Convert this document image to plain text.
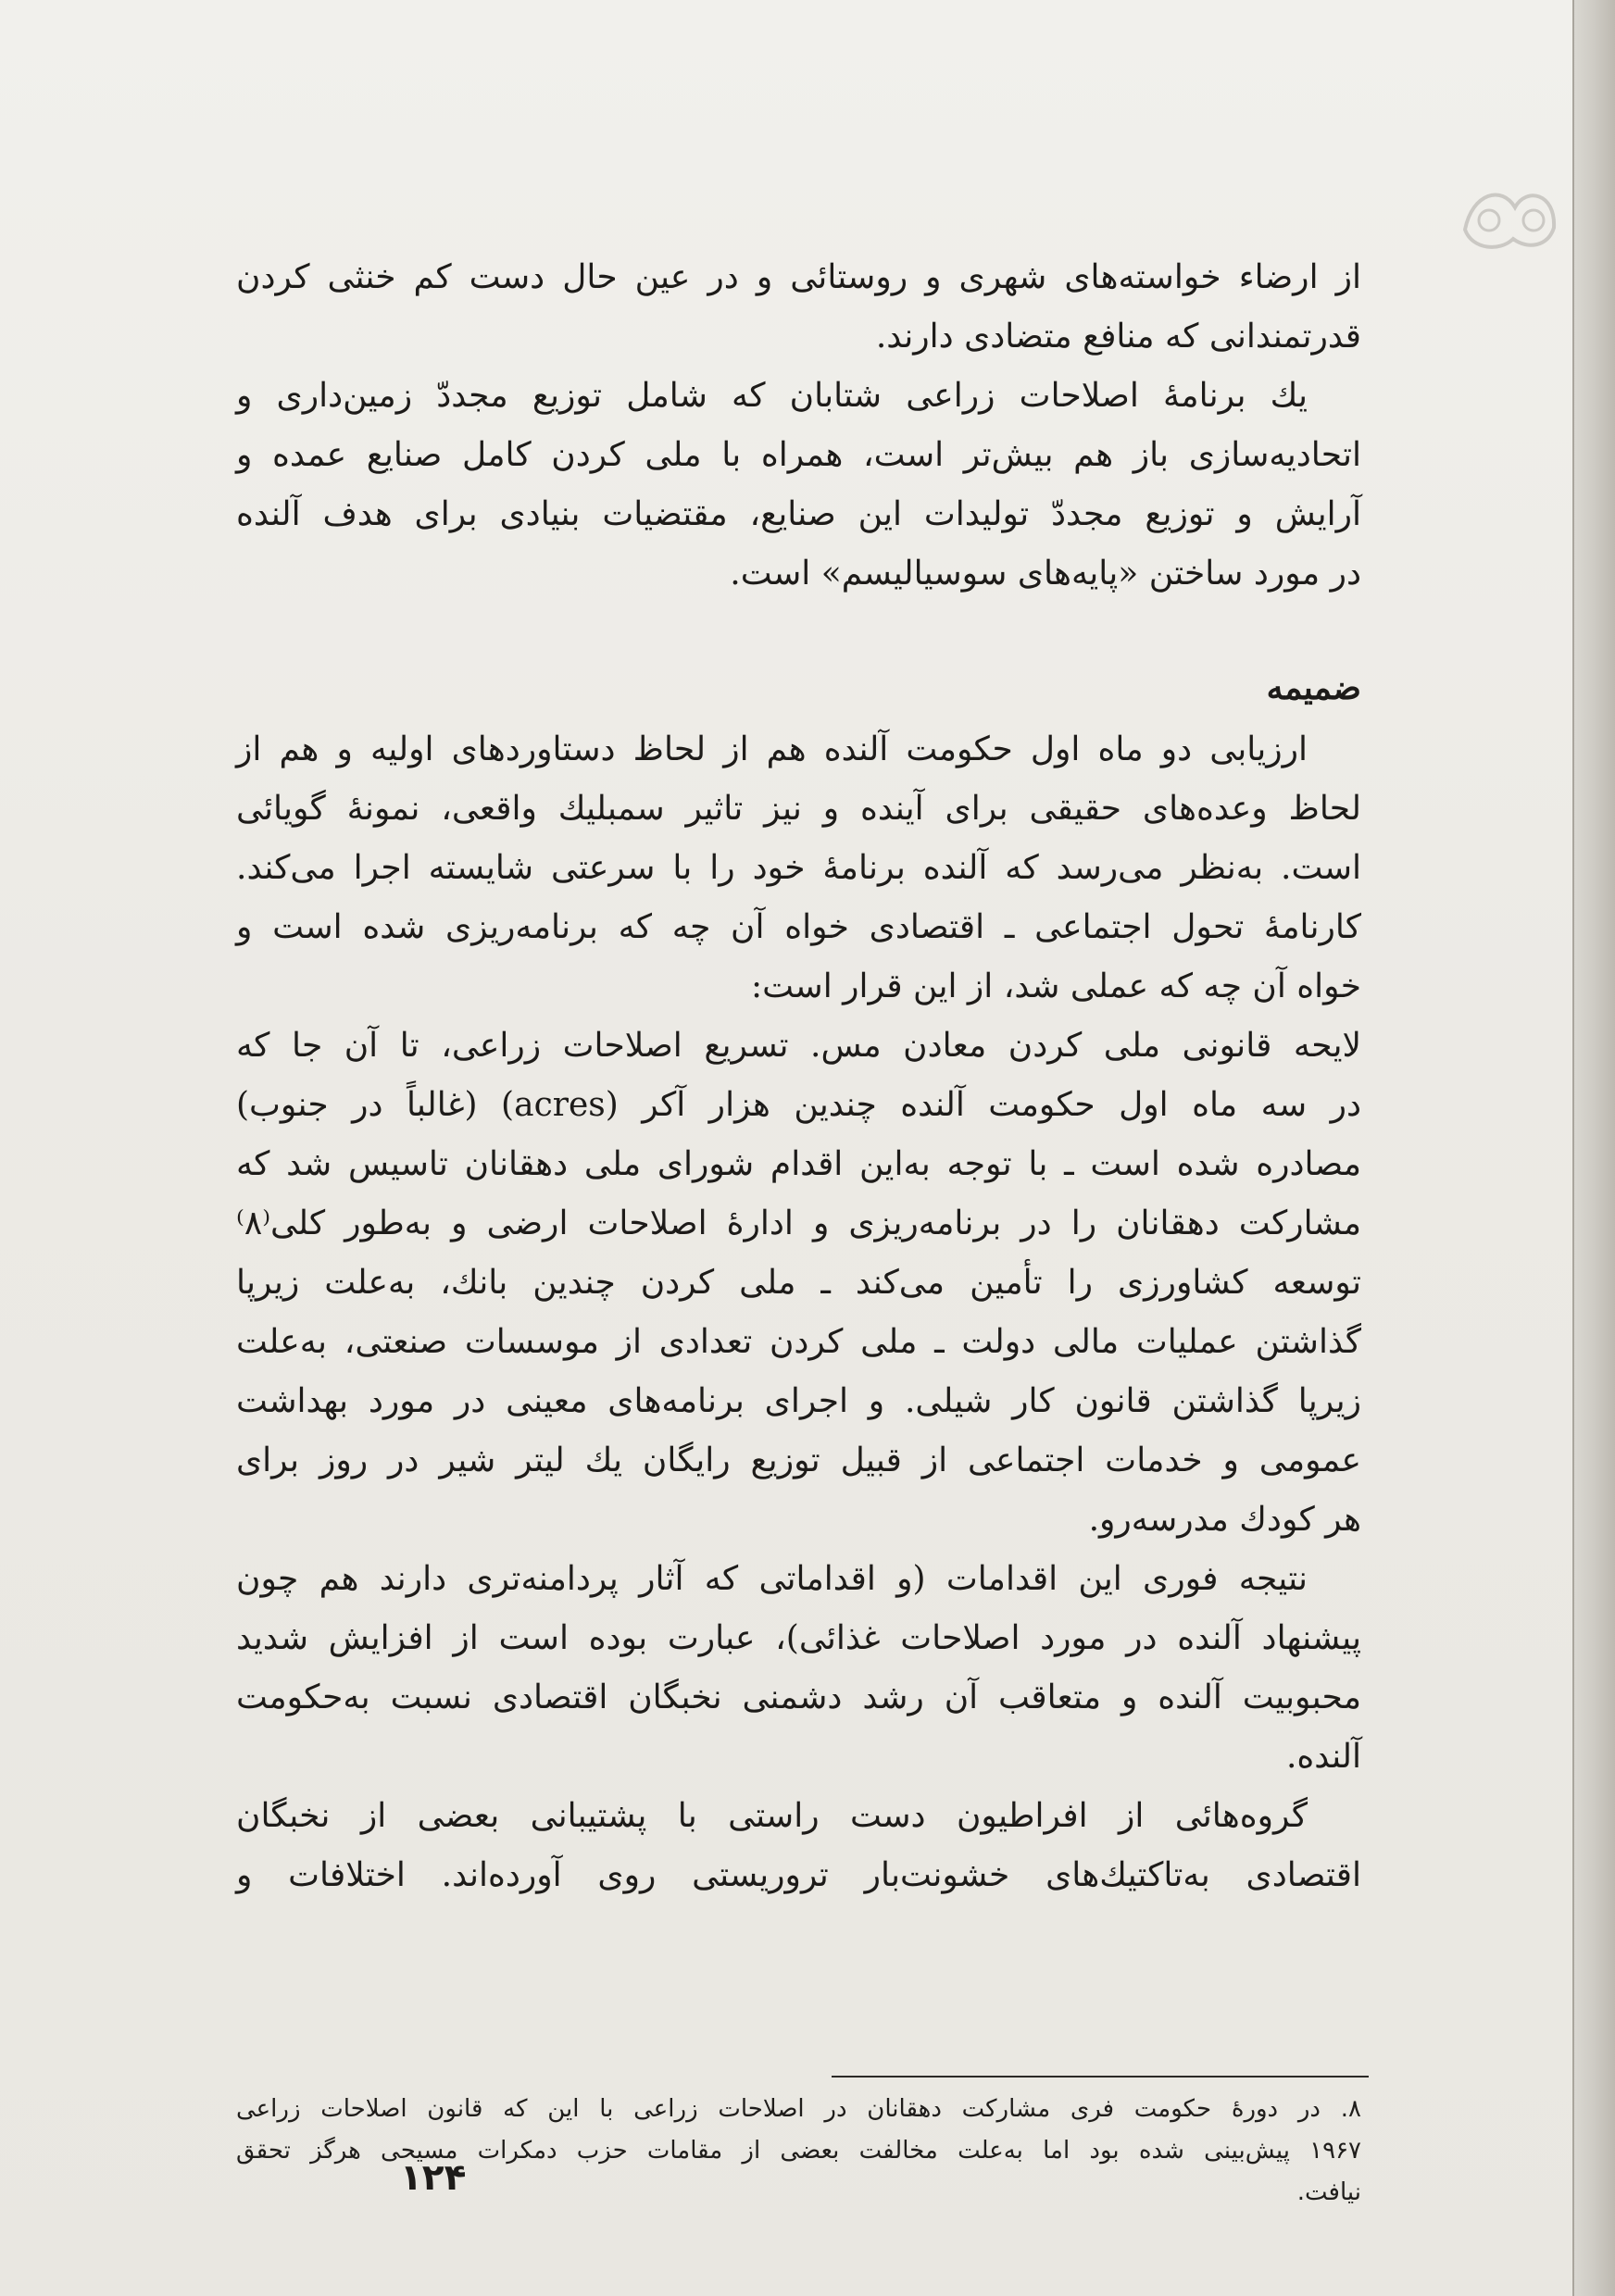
از ارضاء خواسته‌های شهری و روستائی و در عین حال دست کم خنثی کردن
قدرتمندانی که منافع متضادی دارند.
یك برنامهٔ اصلاحات زراعی شتابان که شامل توزیع مجددّ زمین‌داری و
اتحادیه‌سازی باز هم بیش‌تر است، همراه با ملی کردن کامل صنایع عمده و
آرایش و توزیع مجددّ تولیدات این صنایع، مقتضیات بنیادی برای هدف آلنده
در مورد ساختن «پایه‌های سوسیالیسم» است.
ضمیمه
ارزیابی دو ماه اول حکومت آلنده هم از لحاظ دستاوردهای اولیه و هم از
لحاظ وعده‌های حقیقی برای آینده و نیز تاثیر سمبلیك واقعی، نمونهٔ گویائی
است. به‌نظر می‌رسد که آلنده برنامهٔ خود را با سرعتی شایسته اجرا می‌کند.
کارنامهٔ تحول اجتماعی ـ اقتصادی خواه آن چه که برنامه‌ریزی شده است و
خواه آن چه که عملی شد، از این قرار است:
لایحه قانونی ملی کردن معادن مس. تسریع اصلاحات زراعی، تا آن جا که
در سه ماه اول حکومت آلنده چندین هزار آکر (acres) (غالباً در جنوب)
مصادره شده است ـ با توجه به‌این اقدام شورای ملی دهقانان تاسیس شد که
مشارکت دهقانان را در برنامه‌ریزی و ادارهٔ اصلاحات ارضی و به‌طور کلی⁽۸⁾
توسعه کشاورزی را تأمین می‌کند ـ ملی کردن چندین بانك، به‌علت زیرپا
گذاشتن عملیات مالی دولت ـ ملی کردن تعدادی از موسسات صنعتی، به‌علت
زیرپا گذاشتن قانون کار شیلی. و اجرای برنامه‌های معینی در مورد بهداشت
عمومی و خدمات اجتماعی از قبیل توزیع رایگان یك لیتر شیر در روز برای
هر کودك مدرسه‌رو.
نتیجه فوری این اقدامات (و اقداماتی که آثار پردامنه‌تری دارند هم چون
پیشنهاد آلنده در مورد اصلاحات غذائی)، عبارت بوده است از افزایش شدید
محبوبیت آلنده و متعاقب آن رشد دشمنی نخبگان اقتصادی نسبت به‌حکومت
آلنده.
گروه‌هائی از افراطیون دست راستی با پشتیبانی بعضی از نخبگان
اقتصادی به‌تاکتیك‌های خشونت‌بار تروریستی روی آورده‌اند. اختلافات و
۸. در دورهٔ حکومت فری مشارکت دهقانان در اصلاحات زراعی با این که قانون اصلاحات زراعی
۱۹۶۷ پیش‌بینی شده بود اما به‌علت مخالفت بعضی از مقامات حزب دمکرات مسیحی هرگز تحقق
نیافت.
۱۲۴
